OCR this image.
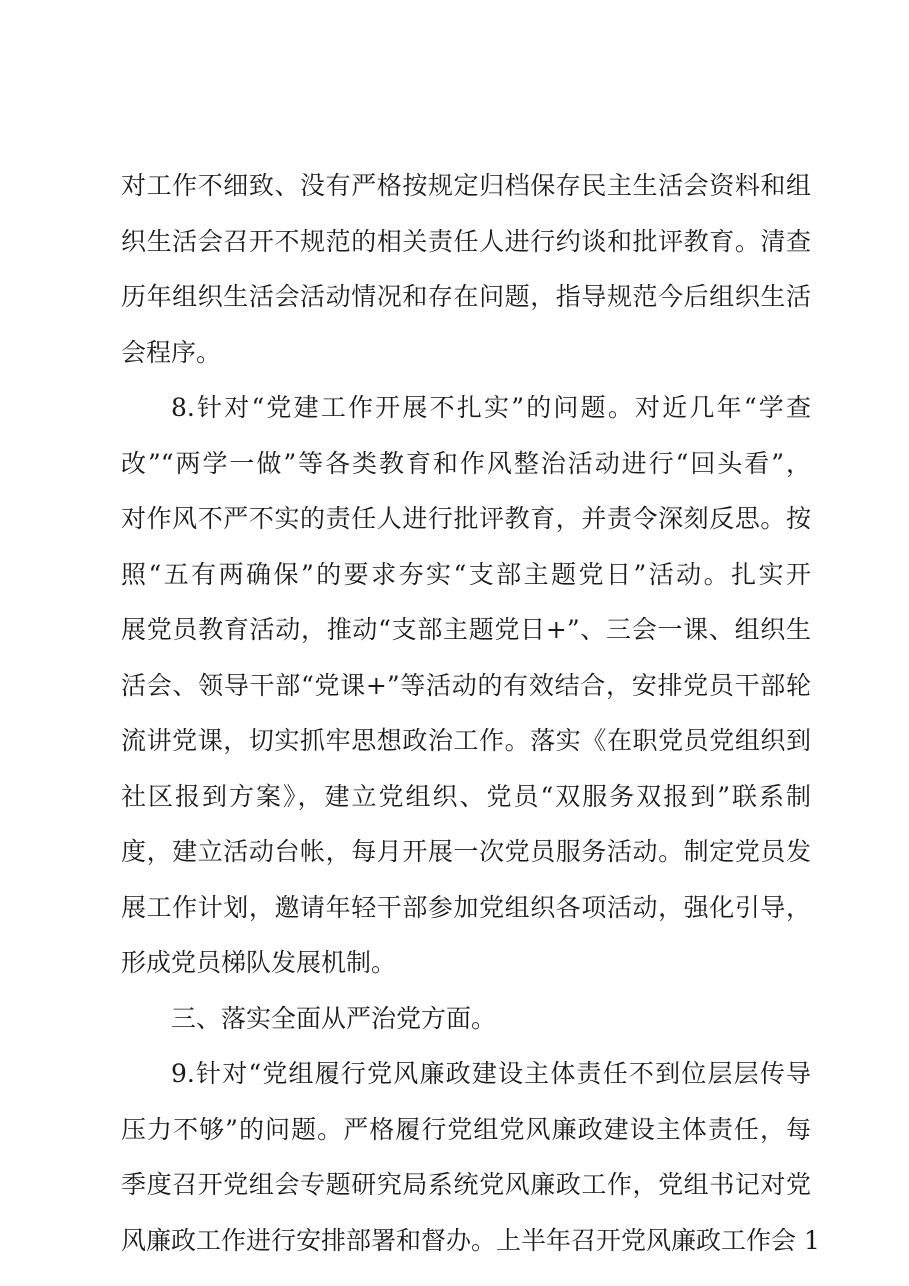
对工作不细致、没有严格按规定归档保存民主生活会资料和组
织生活会召开不规范的相关责任人进行约谈和批评教育。清查
历年组织生活会活动情况和存在问题，指导规范今后组织生活
会程序。
8.针对“党建工作开展不扎实”的问题。对近几年“学查
改”“两学一做”等各类教育和作风整治活动进行“回头看”，
对作风不严不实的责任人进行批评教育，并责令深刻反思。按
照“五有两确保”的要求夯实“支部主题党日”活动。扎实开
展党员教育活动，推动“支部主题党日+”、三会一课、组织生
活会、领导干部“党课+”等活动的有效结合，安排党员干部轮
流讲党课，切实抓牢思想政治工作。落实《在职党员党组织到
社区报到方案》，建立党组织、党员“双服务双报到”联系制
度，建立活动台帐，每月开展一次党员服务活动。制定党员发
展工作计划，邀请年轻干部参加党组织各项活动，强化引导，
形成党员梯队发展机制。
三、落实全面从严治党方面。
9.针对“党组履行党风廉政建设主体责任不到位层层传导
压力不够”的问题。严格履行党组党风廉政建设主体责任，每
季度召开党组会专题研究局系统党风廉政工作，党组书记对党
风廉政工作进行安排部署和督办。上半年召开党风廉政工作会 1
